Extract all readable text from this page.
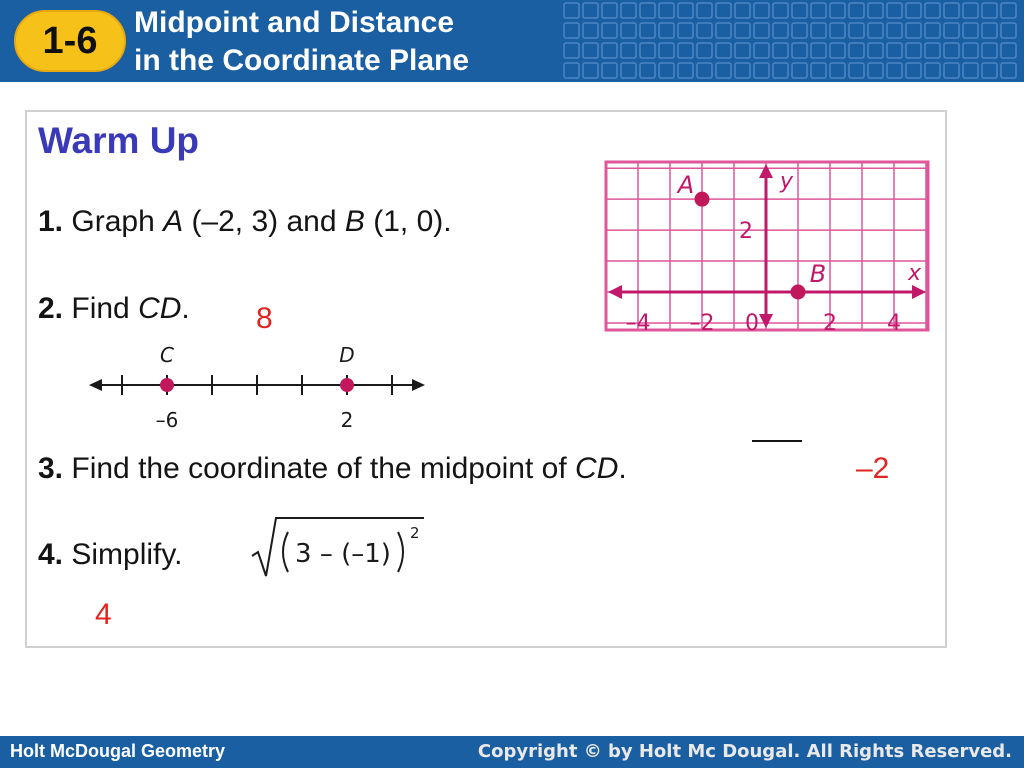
1-6	Midpoint and Distance
in the Coordinate Plane
Warm Up
1. Graph A (–2, 3) and B (1, 0).
2. Find CD. 8
C	D
–6	2
3. Find the coordinate of the midpoint of CD.	–2
4. Simplify.	3 – (–1)
2
4
x
y
–4 –2 0	2 4
2
A
B
Holt McDougal Geometry	Copyright © by Holt Mc Dougal. All Rights Reserved.
